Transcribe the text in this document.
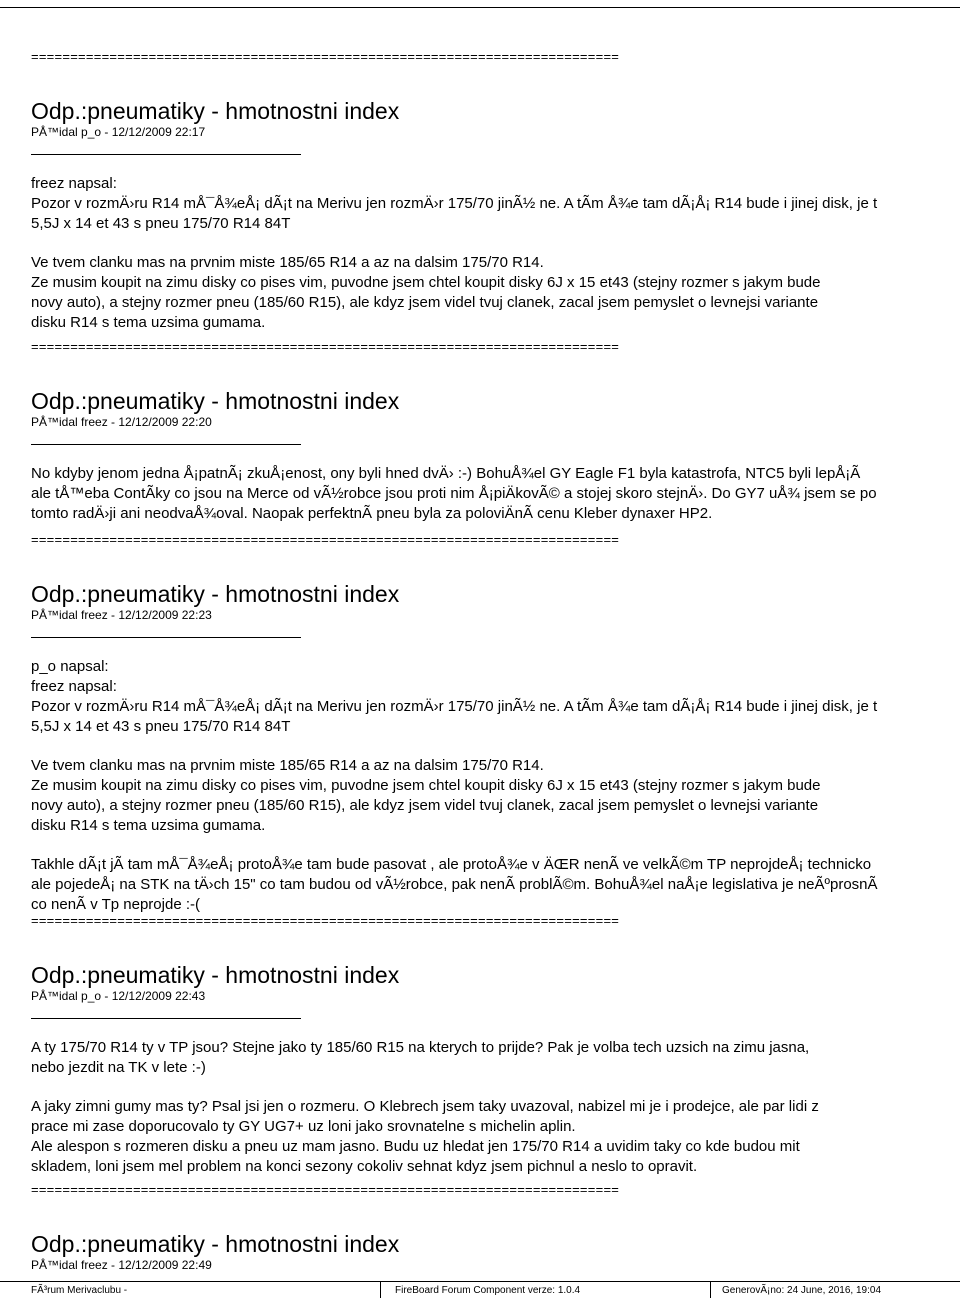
===========================================================================
Odp.:pneumatiky - hmotnostni index
PÅ™idal p_o - 12/12/2009 22:17
freez napsal:
Pozor v rozmÄ›ru R14 mÅ¯Å¾eÅ¡ dÃ¡t na Merivu jen rozmÄ›r 175/70 jinÃ½ ne. A tÃm Å¾e tam dÃ¡Å¡ R14 bude i jinej disk, je t
5,5J x 14 et 43 s pneu 175/70 R14 84T
Ve tvem clanku mas na prvnim miste 185/65 R14 a az na dalsim 175/70 R14.
Ze musim koupit na zimu disky co pises vim, puvodne jsem chtel koupit disky 6J x 15 et43 (stejny rozmer s jakym bude
novy auto), a stejny rozmer pneu (185/60 R15), ale kdyz jsem videl tvuj clanek, zacal jsem pemyslet o levnejsi variante
disku R14 s tema uzsima gumama.
===========================================================================
Odp.:pneumatiky - hmotnostni index
PÅ™idal freez - 12/12/2009 22:20
No kdyby jenom jedna Å¡patnÃ¡ zkuÅ¡enost, ony byli hned dvÄ› :-) BohuÅ¾el GY Eagle F1 byla katastrofa, NTC5 byli lepÅ¡Ã
ale tÅ™eba ContÃky co jsou na Merce od vÃ½robce jsou proti nim Å¡piÄkovÃ© a stojej skoro stejnÄ›. Do GY7 uÅ¾ jsem se po
tomto radÄ›ji ani neodvaÅ¾oval. Naopak perfektnÃ pneu byla za poloviÄnÃ cenu Kleber dynaxer HP2.
===========================================================================
Odp.:pneumatiky - hmotnostni index
PÅ™idal freez - 12/12/2009 22:23
p_o napsal:
freez napsal:
Pozor v rozmÄ›ru R14 mÅ¯Å¾eÅ¡ dÃ¡t na Merivu jen rozmÄ›r 175/70 jinÃ½ ne. A tÃm Å¾e tam dÃ¡Å¡ R14 bude i jinej disk, je t
5,5J x 14 et 43 s pneu 175/70 R14 84T
Ve tvem clanku mas na prvnim miste 185/65 R14 a az na dalsim 175/70 R14.
Ze musim koupit na zimu disky co pises vim, puvodne jsem chtel koupit disky 6J x 15 et43 (stejny rozmer s jakym bude
novy auto), a stejny rozmer pneu (185/60 R15), ale kdyz jsem videl tvuj clanek, zacal jsem pemyslet o levnejsi variante
disku R14 s tema uzsima gumama.
Takhle dÃ¡t jÃ tam mÅ¯Å¾eÅ¡ protoÅ¾e tam bude pasovat , ale protoÅ¾e v ÄŒR nenÃ ve velkÃ©m TP neprojdeÅ¡ technicko
ale pojedeÅ¡ na STK na tÄ›ch 15" co tam budou od vÃ½robce, pak nenÃ problÃ©m. BohuÅ¾el naÅ¡e legislativa je neÃºprosnÃ
co nenÃ v Tp neprojde :-(
===========================================================================
Odp.:pneumatiky - hmotnostni index
PÅ™idal p_o - 12/12/2009 22:43
A ty 175/70 R14 ty v TP jsou? Stejne jako ty 185/60 R15 na kterych to prijde? Pak je volba tech uzsich na zimu jasna,
nebo jezdit na TK v lete :-)
A jaky zimni gumy mas ty? Psal jsi jen o rozmeru. O Klebrech jsem taky uvazoval, nabizel mi je i prodejce, ale par lidi z
prace mi zase doporucovalo ty GY UG7+ uz loni jako srovnatelne s michelin aplin.
Ale alespon s rozmeren disku a pneu uz mam jasno. Budu uz hledat jen 175/70 R14 a uvidim taky co kde budou mit
skladem, loni jsem mel problem na konci sezony cokoliv sehnat kdyz jsem pichnul a neslo to opravit.
===========================================================================
Odp.:pneumatiky - hmotnostni index
PÅ™idal freez - 12/12/2009 22:49
FÃ³rum Merivaclubu -	FireBoard Forum Component verze: 1.0.4	GenerovÃ¡no: 24 June, 2016, 19:04
